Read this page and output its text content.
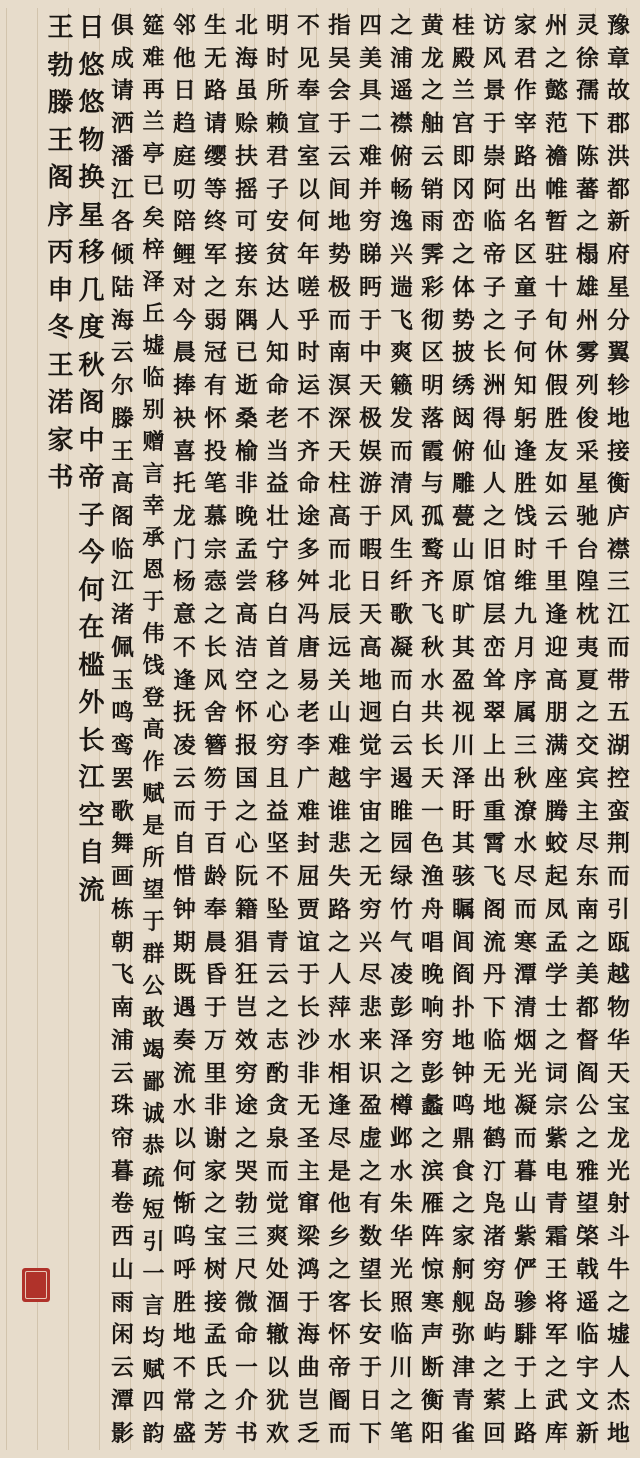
豫
章
故
郡
洪
都
新
府
星
分
翼
轸
地
接
衡
庐
襟
三
江
而
带
五
湖
控
蛮
荆
而
引
瓯
越
物
华
天
宝
龙
光
射
斗
牛
之
墟
人
杰
地
灵
徐
孺
下
陈
蕃
之
榻
雄
州
雾
列
俊
采
星
驰
台
隍
枕
夷
夏
之
交
宾
主
尽
东
南
之
美
都
督
阎
公
之
雅
望
棨
戟
遥
临
宇
文
新
州
之
懿
范
襜
帷
暂
驻
十
旬
休
假
胜
友
如
云
千
里
逢
迎
高
朋
满
座
腾
蛟
起
凤
孟
学
士
之
词
宗
紫
电
青
霜
王
将
军
之
武
库
家
君
作
宰
路
出
名
区
童
子
何
知
躬
逢
胜
饯
时
维
九
月
序
属
三
秋
潦
水
尽
而
寒
潭
清
烟
光
凝
而
暮
山
紫
俨
骖
騑
于
上
路
访
风
景
于
崇
阿
临
帝
子
之
长
洲
得
仙
人
之
旧
馆
层
峦
耸
翠
上
出
重
霄
飞
阁
流
丹
下
临
无
地
鹤
汀
凫
渚
穷
岛
屿
之
萦
回
桂
殿
兰
宫
即
冈
峦
之
体
势
披
绣
闼
俯
雕
甍
山
原
旷
其
盈
视
川
泽
盱
其
骇
瞩
闾
阎
扑
地
钟
鸣
鼎
食
之
家
舸
舰
弥
津
青
雀
黄
龙
之
舳
云
销
雨
霁
彩
彻
区
明
落
霞
与
孤
鹜
齐
飞
秋
水
共
长
天
一
色
渔
舟
唱
晚
响
穷
彭
蠡
之
滨
雁
阵
惊
寒
声
断
衡
阳
之
浦
遥
襟
俯
畅
逸
兴
遄
飞
爽
籁
发
而
清
风
生
纤
歌
凝
而
白
云
遏
睢
园
绿
竹
气
凌
彭
泽
之
樽
邺
水
朱
华
光
照
临
川
之
笔
四
美
具
二
难
并
穷
睇
眄
于
中
天
极
娱
游
于
暇
日
天
高
地
迥
觉
宇
宙
之
无
穷
兴
尽
悲
来
识
盈
虚
之
有
数
望
长
安
于
日
下
指
吴
会
于
云
间
地
势
极
而
南
溟
深
天
柱
高
而
北
辰
远
关
山
难
越
谁
悲
失
路
之
人
萍
水
相
逢
尽
是
他
乡
之
客
怀
帝
阍
而
不
见
奉
宣
室
以
何
年
嗟
乎
时
运
不
齐
命
途
多
舛
冯
唐
易
老
李
广
难
封
屈
贾
谊
于
长
沙
非
无
圣
主
窜
梁
鸿
于
海
曲
岂
乏
明
时
所
赖
君
子
安
贫
达
人
知
命
老
当
益
壮
宁
移
白
首
之
心
穷
且
益
坚
不
坠
青
云
之
志
酌
贪
泉
而
觉
爽
处
涸
辙
以
犹
欢
北
海
虽
赊
扶
摇
可
接
东
隅
已
逝
桑
榆
非
晚
孟
尝
高
洁
空
怀
报
国
之
心
阮
籍
猖
狂
岂
效
穷
途
之
哭
勃
三
尺
微
命
一
介
书
生
无
路
请
缨
等
终
军
之
弱
冠
有
怀
投
笔
慕
宗
悫
之
长
风
舍
簪
笏
于
百
龄
奉
晨
昏
于
万
里
非
谢
家
之
宝
树
接
孟
氏
之
芳
邻
他
日
趋
庭
叨
陪
鲤
对
今
晨
捧
袂
喜
托
龙
门
杨
意
不
逢
抚
凌
云
而
自
惜
钟
期
既
遇
奏
流
水
以
何
惭
呜
呼
胜
地
不
常
盛
筵
难
再
兰
亭
已
矣
梓
泽
丘
墟
临
别
赠
言
幸
承
恩
于
伟
饯
登
高
作
赋
是
所
望
于
群
公
敢
竭
鄙
诚
恭
疏
短
引
一
言
均
赋
四
韵
俱
成
请
洒
潘
江
各
倾
陆
海
云
尔
滕
王
高
阁
临
江
渚
佩
玉
鸣
鸾
罢
歌
舞
画
栋
朝
飞
南
浦
云
珠
帘
暮
卷
西
山
雨
闲
云
潭
影
日
悠
悠
物
换
星
移
几
度
秋
阁
中
帝
子
今
何
在
槛
外
长
江
空
自
流
王
勃
滕
王
阁
序
丙
申
冬
王
渃
家
书
